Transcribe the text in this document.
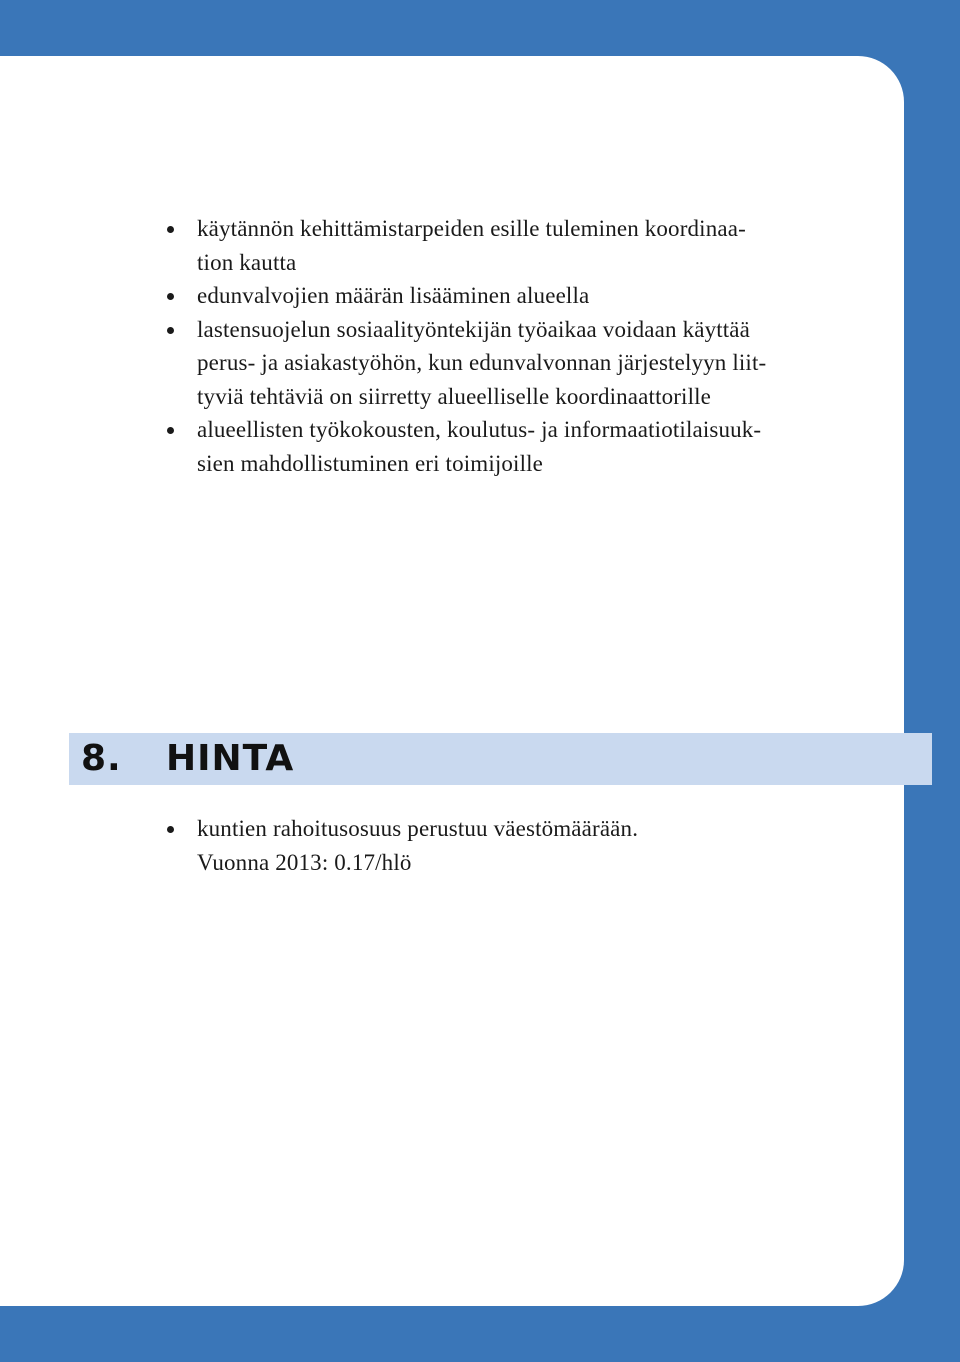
käytännön kehittämistarpeiden esille tuleminen koordinaa-
tion kautta
edunvalvojien määrän lisääminen alueella
lastensuojelun sosiaalityöntekijän työaikaa voidaan käyttää
perus- ja asiakastyöhön, kun edunvalvonnan järjestelyyn liit-
tyviä tehtäviä on siirretty alueelliselle koordinaattorille
alueellisten työkokousten, koulutus- ja informaatiotilaisuuk-
sien mahdollistuminen eri toimijoille
8. HINTA
kuntien rahoitusosuus perustuu väestömäärään.
Vuonna 2013: 0.17/hlö
